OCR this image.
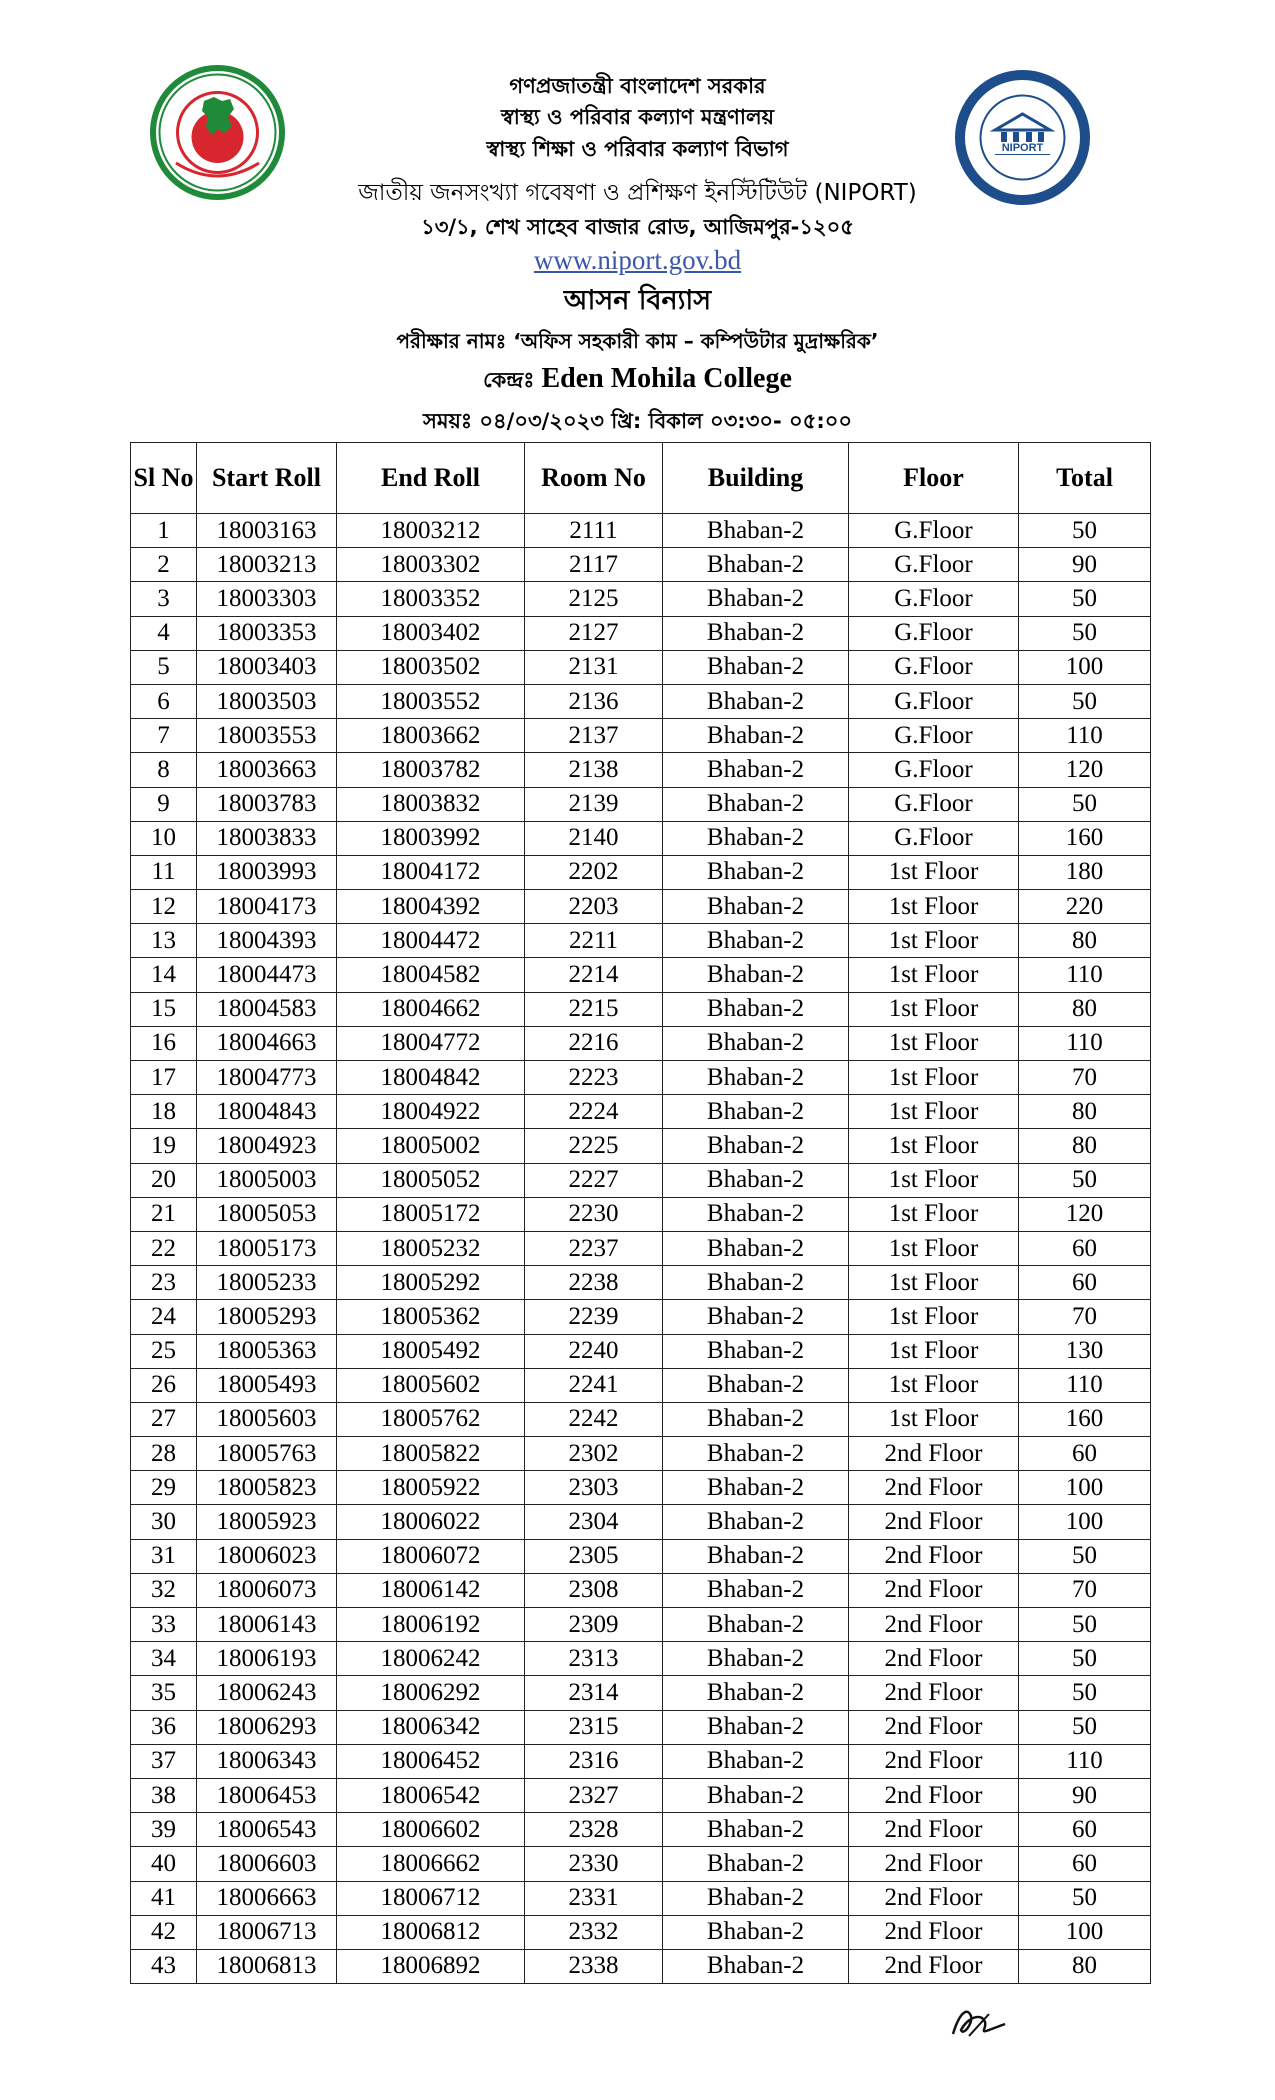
NIPORT
গণপ্রজাতন্ত্রী বাংলাদেশ সরকার
স্বাস্থ্য ও পরিবার কল্যাণ মন্ত্রণালয়
স্বাস্থ্য শিক্ষা ও পরিবার কল্যাণ বিভাগ
জাতীয় জনসংখ্যা গবেষণা ও প্রশিক্ষণ ইনস্টিটিউট (NIPORT)
১৩/১, শেখ সাহেব বাজার রোড, আজিমপুর-১২০৫
www.niport.gov.bd
আসন বিন্যাস
পরীক্ষার নামঃ ‘অফিস সহকারী কাম – কম্পিউটার মুদ্রাক্ষরিক’
কেন্দ্রঃ Eden Mohila College
সময়ঃ ০৪/০৩/২০২৩ খ্রি: বিকাল ০৩:৩০- ০৫:০০
Sl No	Start Roll	End Roll	Room No	Building	Floor	Total
1	18003163	18003212	2111	Bhaban-2	G.Floor	50
2	18003213	18003302	2117	Bhaban-2	G.Floor	90
3	18003303	18003352	2125	Bhaban-2	G.Floor	50
4	18003353	18003402	2127	Bhaban-2	G.Floor	50
5	18003403	18003502	2131	Bhaban-2	G.Floor	100
6	18003503	18003552	2136	Bhaban-2	G.Floor	50
7	18003553	18003662	2137	Bhaban-2	G.Floor	110
8	18003663	18003782	2138	Bhaban-2	G.Floor	120
9	18003783	18003832	2139	Bhaban-2	G.Floor	50
10	18003833	18003992	2140	Bhaban-2	G.Floor	160
11	18003993	18004172	2202	Bhaban-2	1st Floor	180
12	18004173	18004392	2203	Bhaban-2	1st Floor	220
13	18004393	18004472	2211	Bhaban-2	1st Floor	80
14	18004473	18004582	2214	Bhaban-2	1st Floor	110
15	18004583	18004662	2215	Bhaban-2	1st Floor	80
16	18004663	18004772	2216	Bhaban-2	1st Floor	110
17	18004773	18004842	2223	Bhaban-2	1st Floor	70
18	18004843	18004922	2224	Bhaban-2	1st Floor	80
19	18004923	18005002	2225	Bhaban-2	1st Floor	80
20	18005003	18005052	2227	Bhaban-2	1st Floor	50
21	18005053	18005172	2230	Bhaban-2	1st Floor	120
22	18005173	18005232	2237	Bhaban-2	1st Floor	60
23	18005233	18005292	2238	Bhaban-2	1st Floor	60
24	18005293	18005362	2239	Bhaban-2	1st Floor	70
25	18005363	18005492	2240	Bhaban-2	1st Floor	130
26	18005493	18005602	2241	Bhaban-2	1st Floor	110
27	18005603	18005762	2242	Bhaban-2	1st Floor	160
28	18005763	18005822	2302	Bhaban-2	2nd Floor	60
29	18005823	18005922	2303	Bhaban-2	2nd Floor	100
30	18005923	18006022	2304	Bhaban-2	2nd Floor	100
31	18006023	18006072	2305	Bhaban-2	2nd Floor	50
32	18006073	18006142	2308	Bhaban-2	2nd Floor	70
33	18006143	18006192	2309	Bhaban-2	2nd Floor	50
34	18006193	18006242	2313	Bhaban-2	2nd Floor	50
35	18006243	18006292	2314	Bhaban-2	2nd Floor	50
36	18006293	18006342	2315	Bhaban-2	2nd Floor	50
37	18006343	18006452	2316	Bhaban-2	2nd Floor	110
38	18006453	18006542	2327	Bhaban-2	2nd Floor	90
39	18006543	18006602	2328	Bhaban-2	2nd Floor	60
40	18006603	18006662	2330	Bhaban-2	2nd Floor	60
41	18006663	18006712	2331	Bhaban-2	2nd Floor	50
42	18006713	18006812	2332	Bhaban-2	2nd Floor	100
43	18006813	18006892	2338	Bhaban-2	2nd Floor	80
